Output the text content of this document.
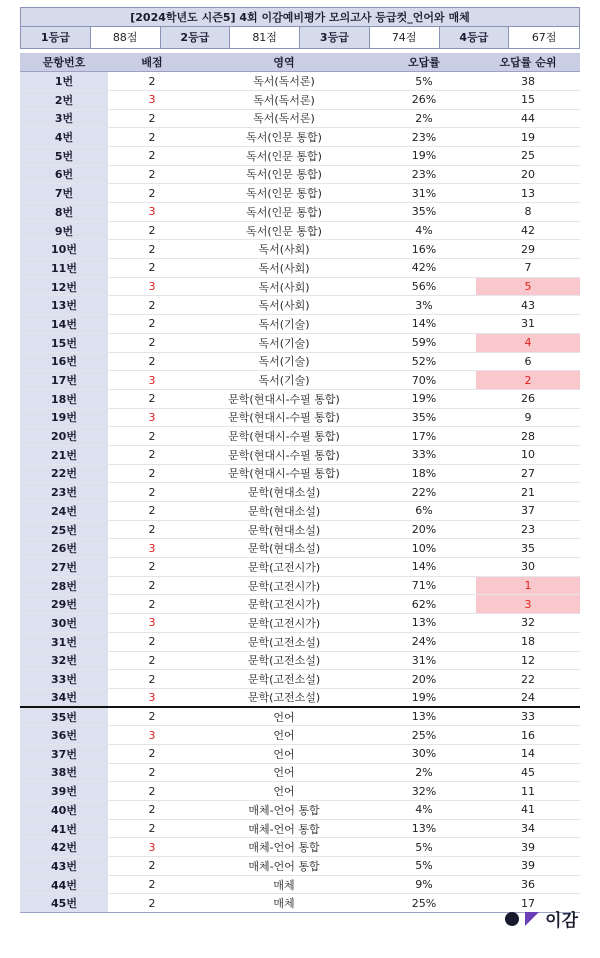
[2024학년도 시즌5] 4회 이감예비평가 모의고사 등급컷_언어와 매체
1등급	88점	2등급	81점	3등급	74점	4등급	67점
문항번호	배점	영역	오답률	오답률 순위
1번	2	독서(독서론)	5%	38
2번	3	독서(독서론)	26%	15
3번	2	독서(독서론)	2%	44
4번	2	독서(인문 통합)	23%	19
5번	2	독서(인문 통합)	19%	25
6번	2	독서(인문 통합)	23%	20
7번	2	독서(인문 통합)	31%	13
8번	3	독서(인문 통합)	35%	8
9번	2	독서(인문 통합)	4%	42
10번	2	독서(사회)	16%	29
11번	2	독서(사회)	42%	7
12번	3	독서(사회)	56%	5
13번	2	독서(사회)	3%	43
14번	2	독서(기술)	14%	31
15번	2	독서(기술)	59%	4
16번	2	독서(기술)	52%	6
17번	3	독서(기술)	70%	2
18번	2	문학(현대시-수필 통합)	19%	26
19번	3	문학(현대시-수필 통합)	35%	9
20번	2	문학(현대시-수필 통합)	17%	28
21번	2	문학(현대시-수필 통합)	33%	10
22번	2	문학(현대시-수필 통합)	18%	27
23번	2	문학(현대소설)	22%	21
24번	2	문학(현대소설)	6%	37
25번	2	문학(현대소설)	20%	23
26번	3	문학(현대소설)	10%	35
27번	2	문학(고전시가)	14%	30
28번	2	문학(고전시가)	71%	1
29번	2	문학(고전시가)	62%	3
30번	3	문학(고전시가)	13%	32
31번	2	문학(고전소설)	24%	18
32번	2	문학(고전소설)	31%	12
33번	2	문학(고전소설)	20%	22
34번	3	문학(고전소설)	19%	24
35번	2	언어	13%	33
36번	3	언어	25%	16
37번	2	언어	30%	14
38번	2	언어	2%	45
39번	2	언어	32%	11
40번	2	매체-언어 통합	4%	41
41번	2	매체-언어 통합	13%	34
42번	3	매체-언어 통합	5%	39
43번	2	매체-언어 통합	5%	39
44번	2	매체	9%	36
45번	2	매체	25%	17
이감
